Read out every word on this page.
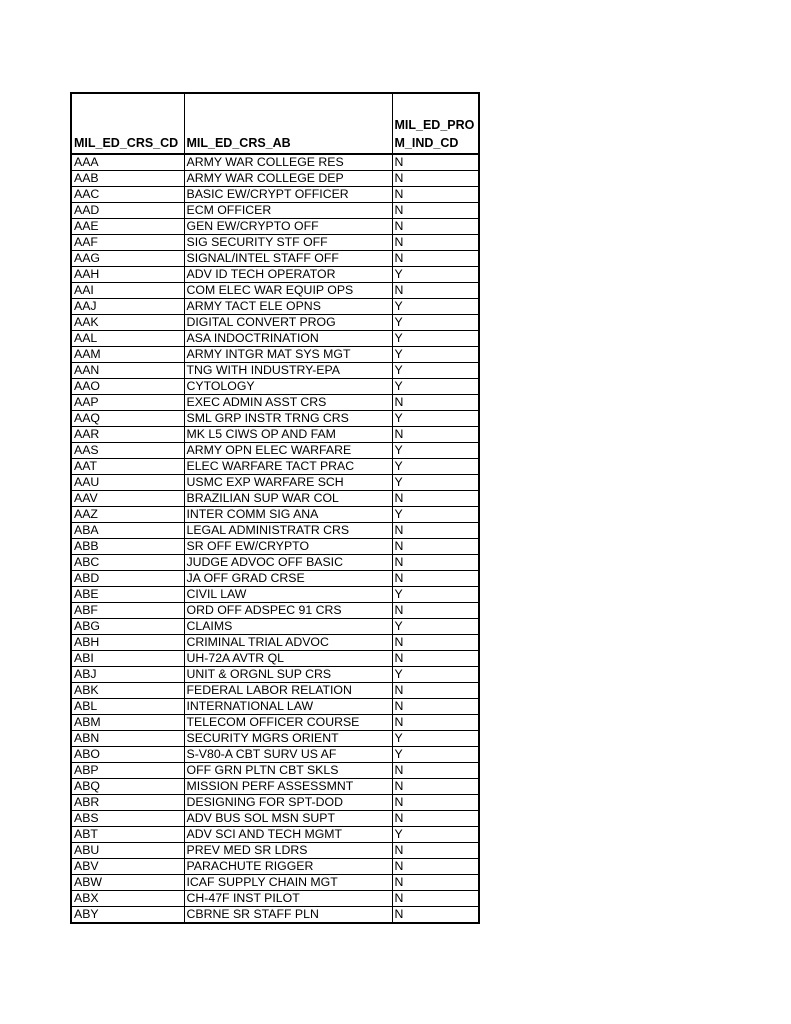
MIL_ED_CRS_CD	MIL_ED_CRS_AB	MIL_ED_PROM_IND_CD
AAA	ARMY WAR COLLEGE RES	N
AAB	ARMY WAR COLLEGE DEP	N
AAC	BASIC EW/CRYPT OFFICER	N
AAD	ECM OFFICER	N
AAE	GEN EW/CRYPTO OFF	N
AAF	SIG SECURITY STF OFF	N
AAG	SIGNAL/INTEL STAFF OFF	N
AAH	ADV ID TECH OPERATOR	Y
AAI	COM ELEC WAR EQUIP OPS	N
AAJ	ARMY TACT ELE OPNS	Y
AAK	DIGITAL CONVERT PROG	Y
AAL	ASA INDOCTRINATION	Y
AAM	ARMY INTGR MAT SYS MGT	Y
AAN	TNG WITH INDUSTRY-EPA	Y
AAO	CYTOLOGY	Y
AAP	EXEC ADMIN ASST CRS	N
AAQ	SML GRP INSTR TRNG CRS	Y
AAR	MK L5 CIWS OP AND FAM	N
AAS	ARMY OPN ELEC WARFARE	Y
AAT	ELEC WARFARE TACT PRAC	Y
AAU	USMC EXP WARFARE SCH	Y
AAV	BRAZILIAN SUP WAR COL	N
AAZ	INTER COMM SIG ANA	Y
ABA	LEGAL ADMINISTRATR CRS	N
ABB	SR OFF EW/CRYPTO	N
ABC	JUDGE ADVOC OFF BASIC	N
ABD	JA OFF GRAD CRSE	N
ABE	CIVIL LAW	Y
ABF	ORD OFF ADSPEC 91 CRS	N
ABG	CLAIMS	Y
ABH	CRIMINAL TRIAL ADVOC	N
ABI	UH-72A AVTR QL	N
ABJ	UNIT & ORGNL SUP CRS	Y
ABK	FEDERAL LABOR RELATION	N
ABL	INTERNATIONAL LAW	N
ABM	TELECOM OFFICER COURSE	N
ABN	SECURITY MGRS ORIENT	Y
ABO	S-V80-A CBT SURV US AF	Y
ABP	OFF GRN PLTN CBT SKLS	N
ABQ	MISSION PERF ASSESSMNT	N
ABR	DESIGNING FOR SPT-DOD	N
ABS	ADV BUS SOL MSN SUPT	N
ABT	ADV SCI AND TECH MGMT	Y
ABU	PREV MED SR LDRS	N
ABV	PARACHUTE RIGGER	N
ABW	ICAF SUPPLY CHAIN MGT	N
ABX	CH-47F INST PILOT	N
ABY	CBRNE SR STAFF PLN	N
